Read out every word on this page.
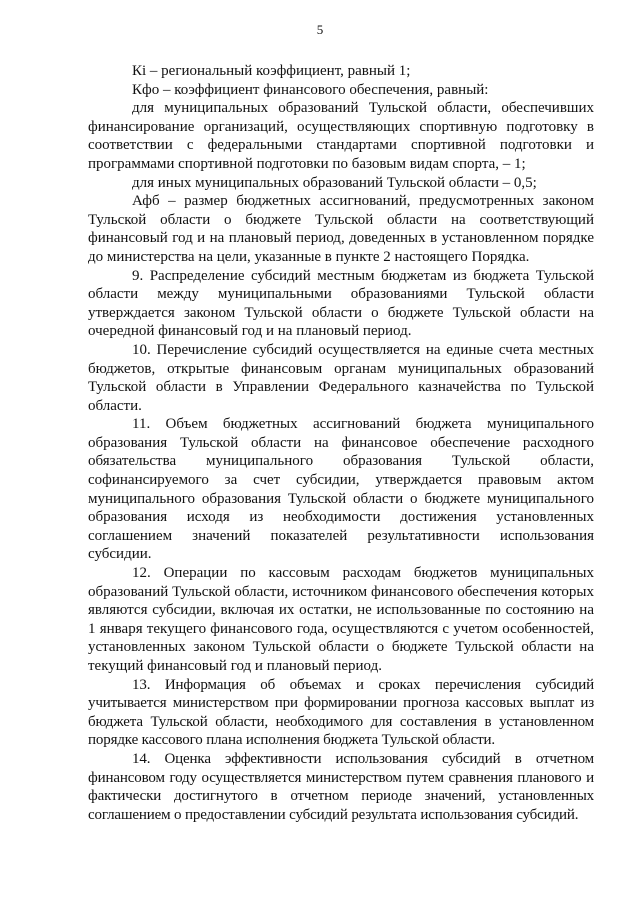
5

Кi – региональный коэффициент, равный 1;

Кфо – коэффициент финансового обеспечения, равный:

для муниципальных образований Тульской области, обеспечивших финансирование организаций, осуществляющих спортивную подготовку в соответствии с федеральными стандартами спортивной подготовки и программами спортивной подготовки по базовым видам спорта, – 1;

для иных муниципальных образований Тульской области – 0,5;

Афб – размер бюджетных ассигнований, предусмотренных законом Тульской области о бюджете Тульской области на соответствующий финансовый год и на плановый период, доведенных в установленном порядке до министерства на цели, указанные в пункте 2 настоящего Порядка.

9. Распределение субсидий местным бюджетам из бюджета Тульской области между муниципальными образованиями Тульской области утверждается законом Тульской области о бюджете Тульской области на очередной финансовый год и на плановый период.

10. Перечисление субсидий осуществляется на единые счета местных бюджетов, открытые финансовым органам муниципальных образований Тульской области в Управлении Федерального казначейства по Тульской области.

11. Объем бюджетных ассигнований бюджета муниципального образования Тульской области на финансовое обеспечение расходного обязательства муниципального образования Тульской области, софинансируемого за счет субсидии, утверждается правовым актом муниципального образования Тульской области о бюджете муниципального образования исходя из необходимости достижения установленных соглашением значений показателей результативности использования субсидии.

12. Операции по кассовым расходам бюджетов муниципальных образований Тульской области, источником финансового обеспечения которых являются субсидии, включая их остатки, не использованные по состоянию на 1 января текущего финансового года, осуществляются с учетом особенностей, установленных законом Тульской области о бюджете Тульской области на текущий финансовый год и плановый период.

13. Информация об объемах и сроках перечисления субсидий учитывается министерством при формировании прогноза кассовых выплат из бюджета Тульской области, необходимого для составления в установленном порядке кассового плана исполнения бюджета Тульской области.

14. Оценка эффективности использования субсидий в отчетном финансовом году осуществляется министерством путем сравнения планового и фактически достигнутого в отчетном периоде значений, установленных соглашением о предоставлении субсидий результата использования субсидий.
